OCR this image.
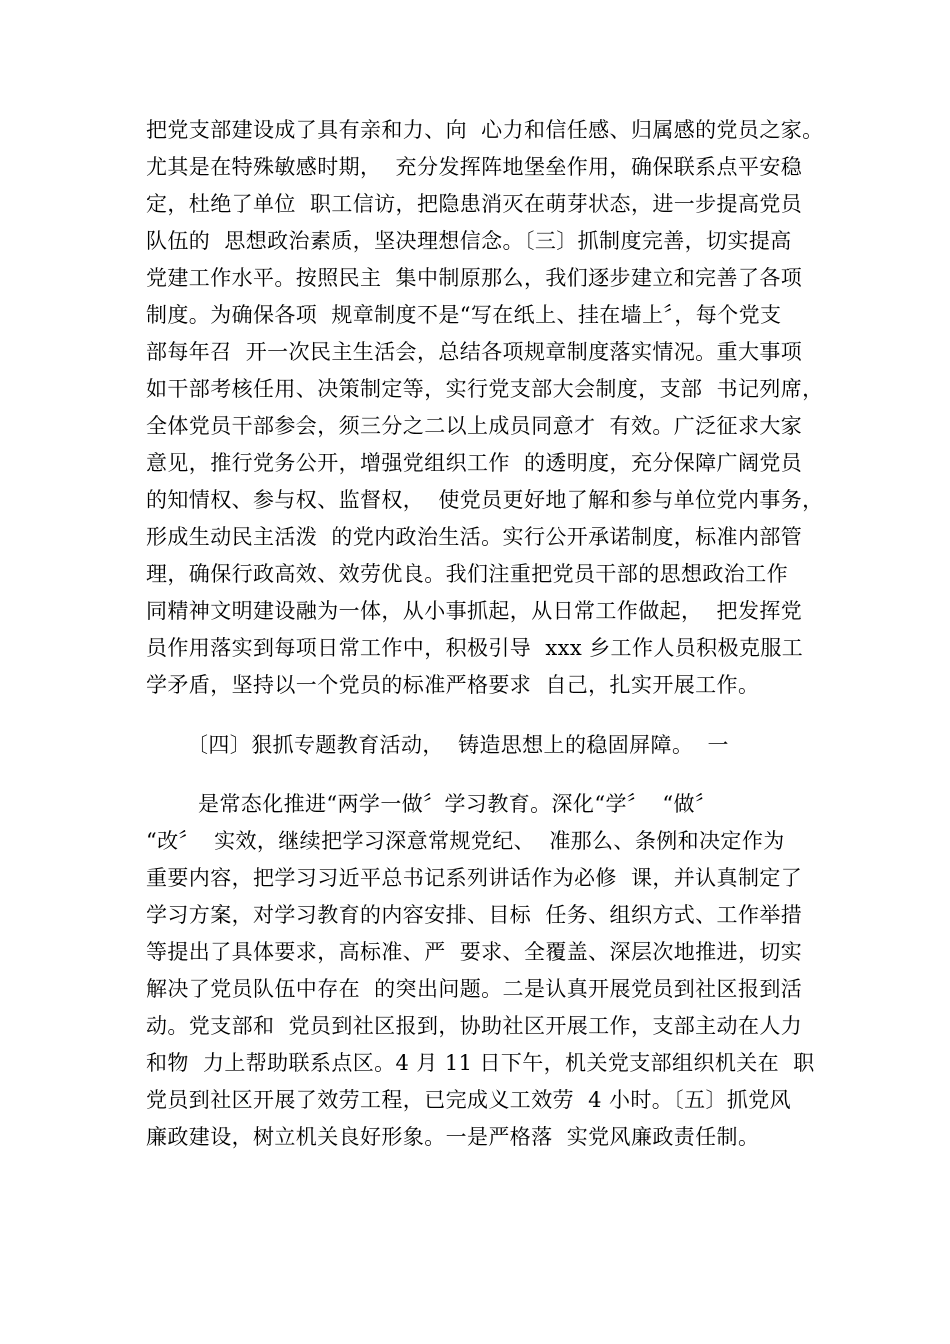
把党支部建设成了具有亲和力、向  心力和信任感、归属感的党员之家。
尤其是在特殊敏感时期，  充分发挥阵地堡垒作用，确保联系点平安稳
定，杜绝了单位  职工信访，把隐患消灭在萌芽状态，进一步提高党员
队伍的  思想政治素质，坚决理想信念。〔三〕抓制度完善，切实提高
党建工作水平。按照民主  集中制原那么，我们逐步建立和完善了各项
制度。为确保各项  规章制度不是“写在纸上、挂在墙上〞，每个党支
部每年召  开一次民主生活会，总结各项规章制度落实情况。重大事项
如干部考核任用、决策制定等，实行党支部大会制度，支部  书记列席，
全体党员干部参会，须三分之二以上成员同意才  有效。广泛征求大家
意见，推行党务公开，增强党组织工作  的透明度，充分保障广阔党员
的知情权、参与权、监督权，  使党员更好地了解和参与单位党内事务，
形成生动民主活泼  的党内政治生活。实行公开承诺制度，标准内部管
理，确保行政高效、效劳优良。我们注重把党员干部的思想政治工作
同精神文明建设融为一体，从小事抓起，从日常工作做起，  把发挥党
员作用落实到每项日常工作中，积极引导  xxx 乡工作人员积极克服工
学矛盾，坚持以一个党员的标准严格要求  自己，扎实开展工作。
〔四〕狠抓专题教育活动，  铸造思想上的稳固屏障。  一
是常态化推进“两学一做〞学习教育。深化“学〞  “做〞
“改〞  实效，继续把学习深意常规党纪、  准那么、条例和决定作为
重要内容，把学习习近平总书记系列讲话作为必修  课，并认真制定了
学习方案，对学习教育的内容安排、目标  任务、组织方式、工作举措
等提出了具体要求，高标准、严  要求、全覆盖、深层次地推进，切实
解决了党员队伍中存在  的突出问题。二是认真开展党员到社区报到活
动。党支部和  党员到社区报到，协助社区开展工作，支部主动在人力
和物  力上帮助联系点区。4 月 11 日下午，机关党支部组织机关在  职
党员到社区开展了效劳工程，已完成义工效劳  4 小时。〔五〕抓党风
廉政建设，树立机关良好形象。一是严格落  实党风廉政责任制。
